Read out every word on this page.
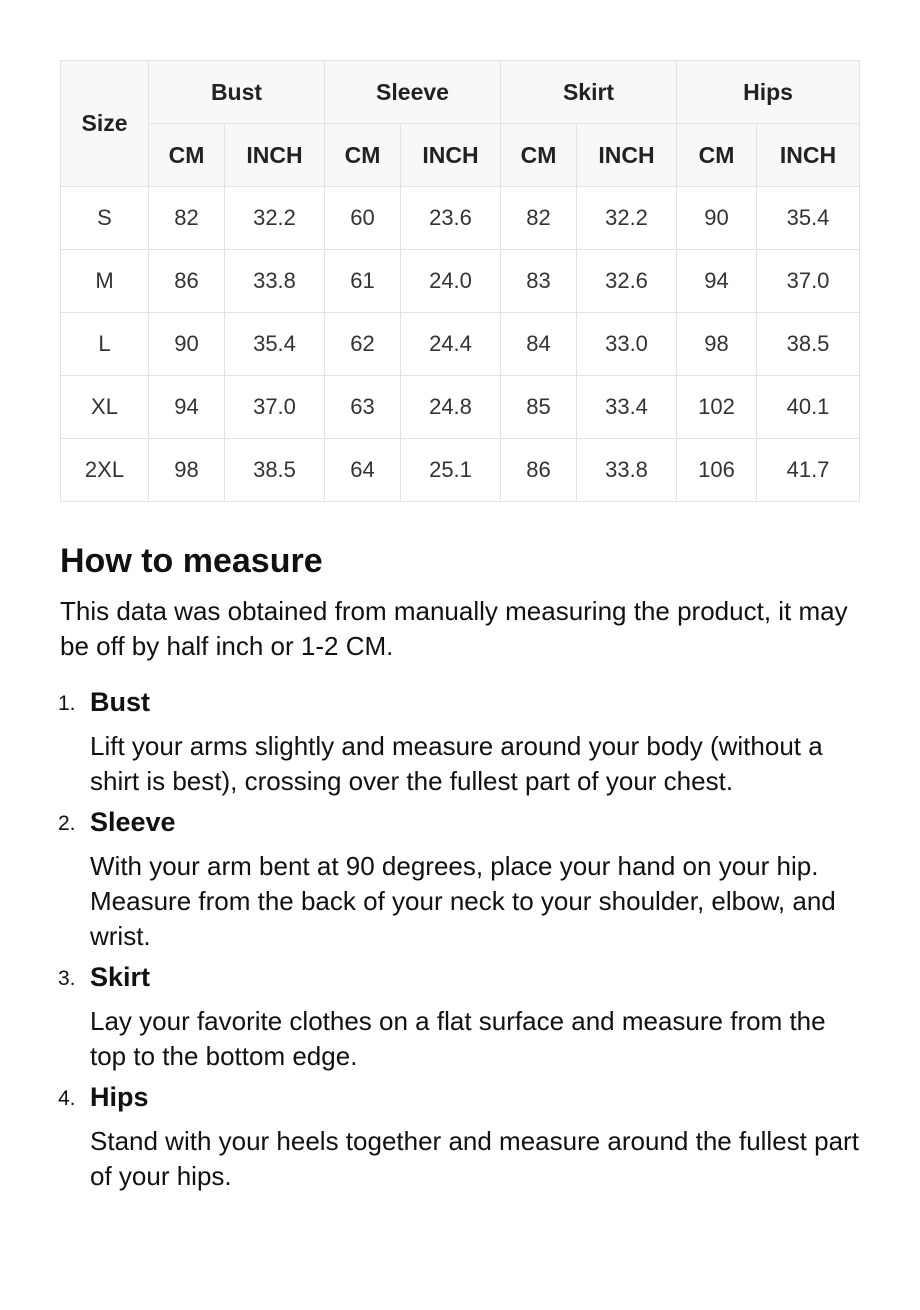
Size	Bust		Sleeve		Skirt		Hips	
	CM	INCH	CM	INCH	CM	INCH	CM	INCH
S	82	32.2	60	23.6	82	32.2	90	35.4
M	86	33.8	61	24.0	83	32.6	94	37.0
L	90	35.4	62	24.4	84	33.0	98	38.5
XL	94	37.0	63	24.8	85	33.4	102	40.1
2XL	98	38.5	64	25.1	86	33.8	106	41.7
How to measure

This data was obtained from manually measuring the product, it may be off by half inch or 1-2 CM.

1. Bust
Lift your arms slightly and measure around your body (without a shirt is best), crossing over the fullest part of your chest.
2. Sleeve
With your arm bent at 90 degrees, place your hand on your hip. Measure from the back of your neck to your shoulder, elbow, and wrist.
3. Skirt
Lay your favorite clothes on a flat surface and measure from the top to the bottom edge.
4. Hips
Stand with your heels together and measure around the fullest part of your hips.
